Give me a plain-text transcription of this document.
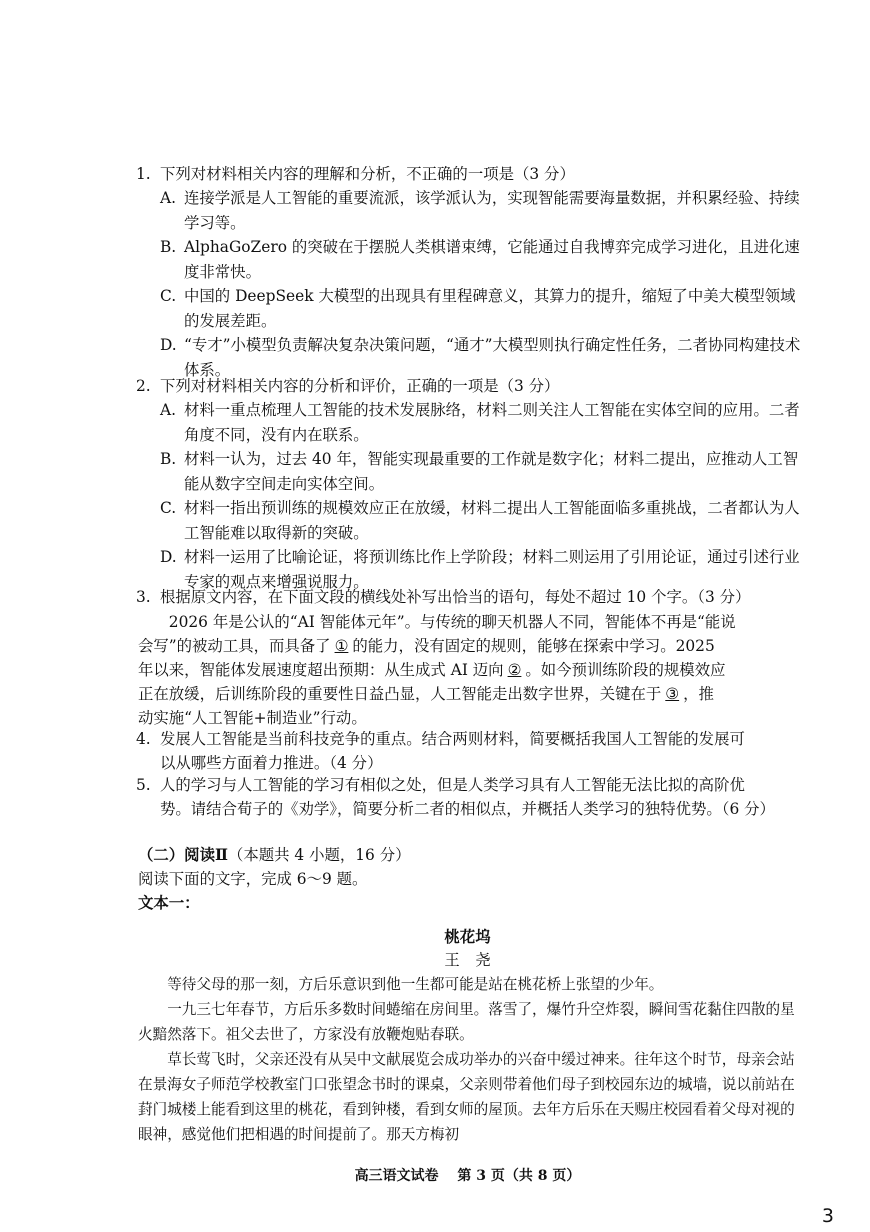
1. 下列对材料相关内容的理解和分析，不正确的一项是（3 分）
A. 连接学派是人工智能的重要流派，该学派认为，实现智能需要海量数据，并积累经验、持续学习等。
B. AlphaGoZero 的突破在于摆脱人类棋谱束缚，它能通过自我博弈完成学习进化，且进化速度非常快。
C. 中国的 DeepSeek 大模型的出现具有里程碑意义，其算力的提升，缩短了中美大模型领域的发展差距。
D. “专才”小模型负责解决复杂决策问题，“通才”大模型则执行确定性任务，二者协同构建技术体系。
2. 下列对材料相关内容的分析和评价，正确的一项是（3 分）
A. 材料一重点梳理人工智能的技术发展脉络，材料二则关注人工智能在实体空间的应用。二者角度不同，没有内在联系。
B. 材料一认为，过去 40 年，智能实现最重要的工作就是数字化；材料二提出，应推动人工智能从数字空间走向实体空间。
C. 材料一指出预训练的规模效应正在放缓，材料二提出人工智能面临多重挑战，二者都认为人工智能难以取得新的突破。
D. 材料一运用了比喻论证，将预训练比作上学阶段；材料二则运用了引用论证，通过引述行业专家的观点来增强说服力。
3. 根据原文内容，在下面文段的横线处补写出恰当的语句，每处不超过 10 个字。（3 分）
2026 年是公认的“AI 智能体元年”。与传统的聊天机器人不同，智能体不再是“能说
会写”的被动工具，而具备了 ① 的能力，没有固定的规则，能够在探索中学习。2025
年以来，智能体发展速度超出预期：从生成式 AI 迈向 ② 。如今预训练阶段的规模效应
正在放缓，后训练阶段的重要性日益凸显，人工智能走出数字世界，关键在于 ③ ，推
动实施“人工智能+制造业”行动。
4. 发展人工智能是当前科技竞争的重点。结合两则材料，简要概括我国人工智能的发展可
以从哪些方面着力推进。（4 分）
5. 人的学习与人工智能的学习有相似之处，但是人类学习具有人工智能无法比拟的高阶优
势。请结合荀子的《劝学》，简要分析二者的相似点，并概括人类学习的独特优势。（6 分）
（二）阅读Ⅱ（本题共 4 小题，16 分）
阅读下面的文字，完成 6～9 题。
文本一：
桃花坞
王　尧
等待父母的那一刻，方后乐意识到他一生都可能是站在桃花桥上张望的少年。
一九三七年春节，方后乐多数时间蜷缩在房间里。落雪了，爆竹升空炸裂，瞬间雪花黏住四散的星火黯然落下。祖父去世了，方家没有放鞭炮贴春联。
草长莺飞时，父亲还没有从吴中文献展览会成功举办的兴奋中缓过神来。往年这个时节，母亲会站在景海女子师范学校教室门口张望念书时的课桌，父亲则带着他们母子到校园东边的城墙，说以前站在葑门城楼上能看到这里的桃花，看到钟楼，看到女师的屋顶。去年方后乐在天赐庄校园看着父母对视的眼神，感觉他们把相遇的时间提前了。那天方梅初
高三语文试卷　 第 3 页（共 8 页）
3
